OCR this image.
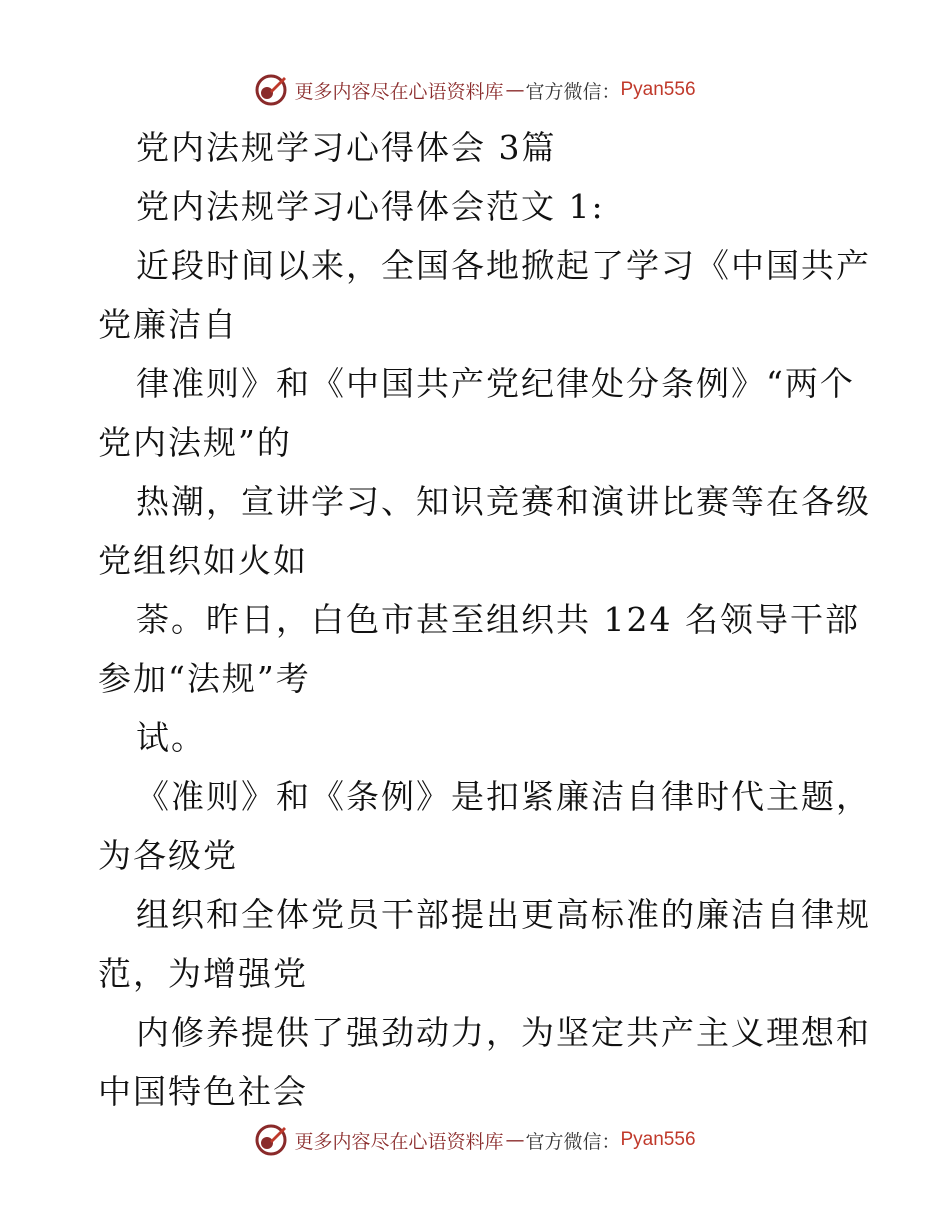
更多内容尽在心语资料库 — 官方微信： Pyan556
党内法规学习心得体会 3篇
党内法规学习心得体会范文 1:
近段时间以来，全国各地掀起了学习《中国共产
党廉洁自
律准则》和《中国共产党纪律处分条例》“两个
党内法规”的
热潮，宣讲学习、知识竞赛和演讲比赛等在各级
党组织如火如
荼。昨日，白色市甚至组织共 124 名领导干部
参加“法规”考
试。
《准则》和《条例》是扣紧廉洁自律时代主题，
为各级党
组织和全体党员干部提出更高标准的廉洁自律规
范，为增强党
内修养提供了强劲动力，为坚定共产主义理想和
中国特色社会
更多内容尽在心语资料库 — 官方微信： Pyan556
